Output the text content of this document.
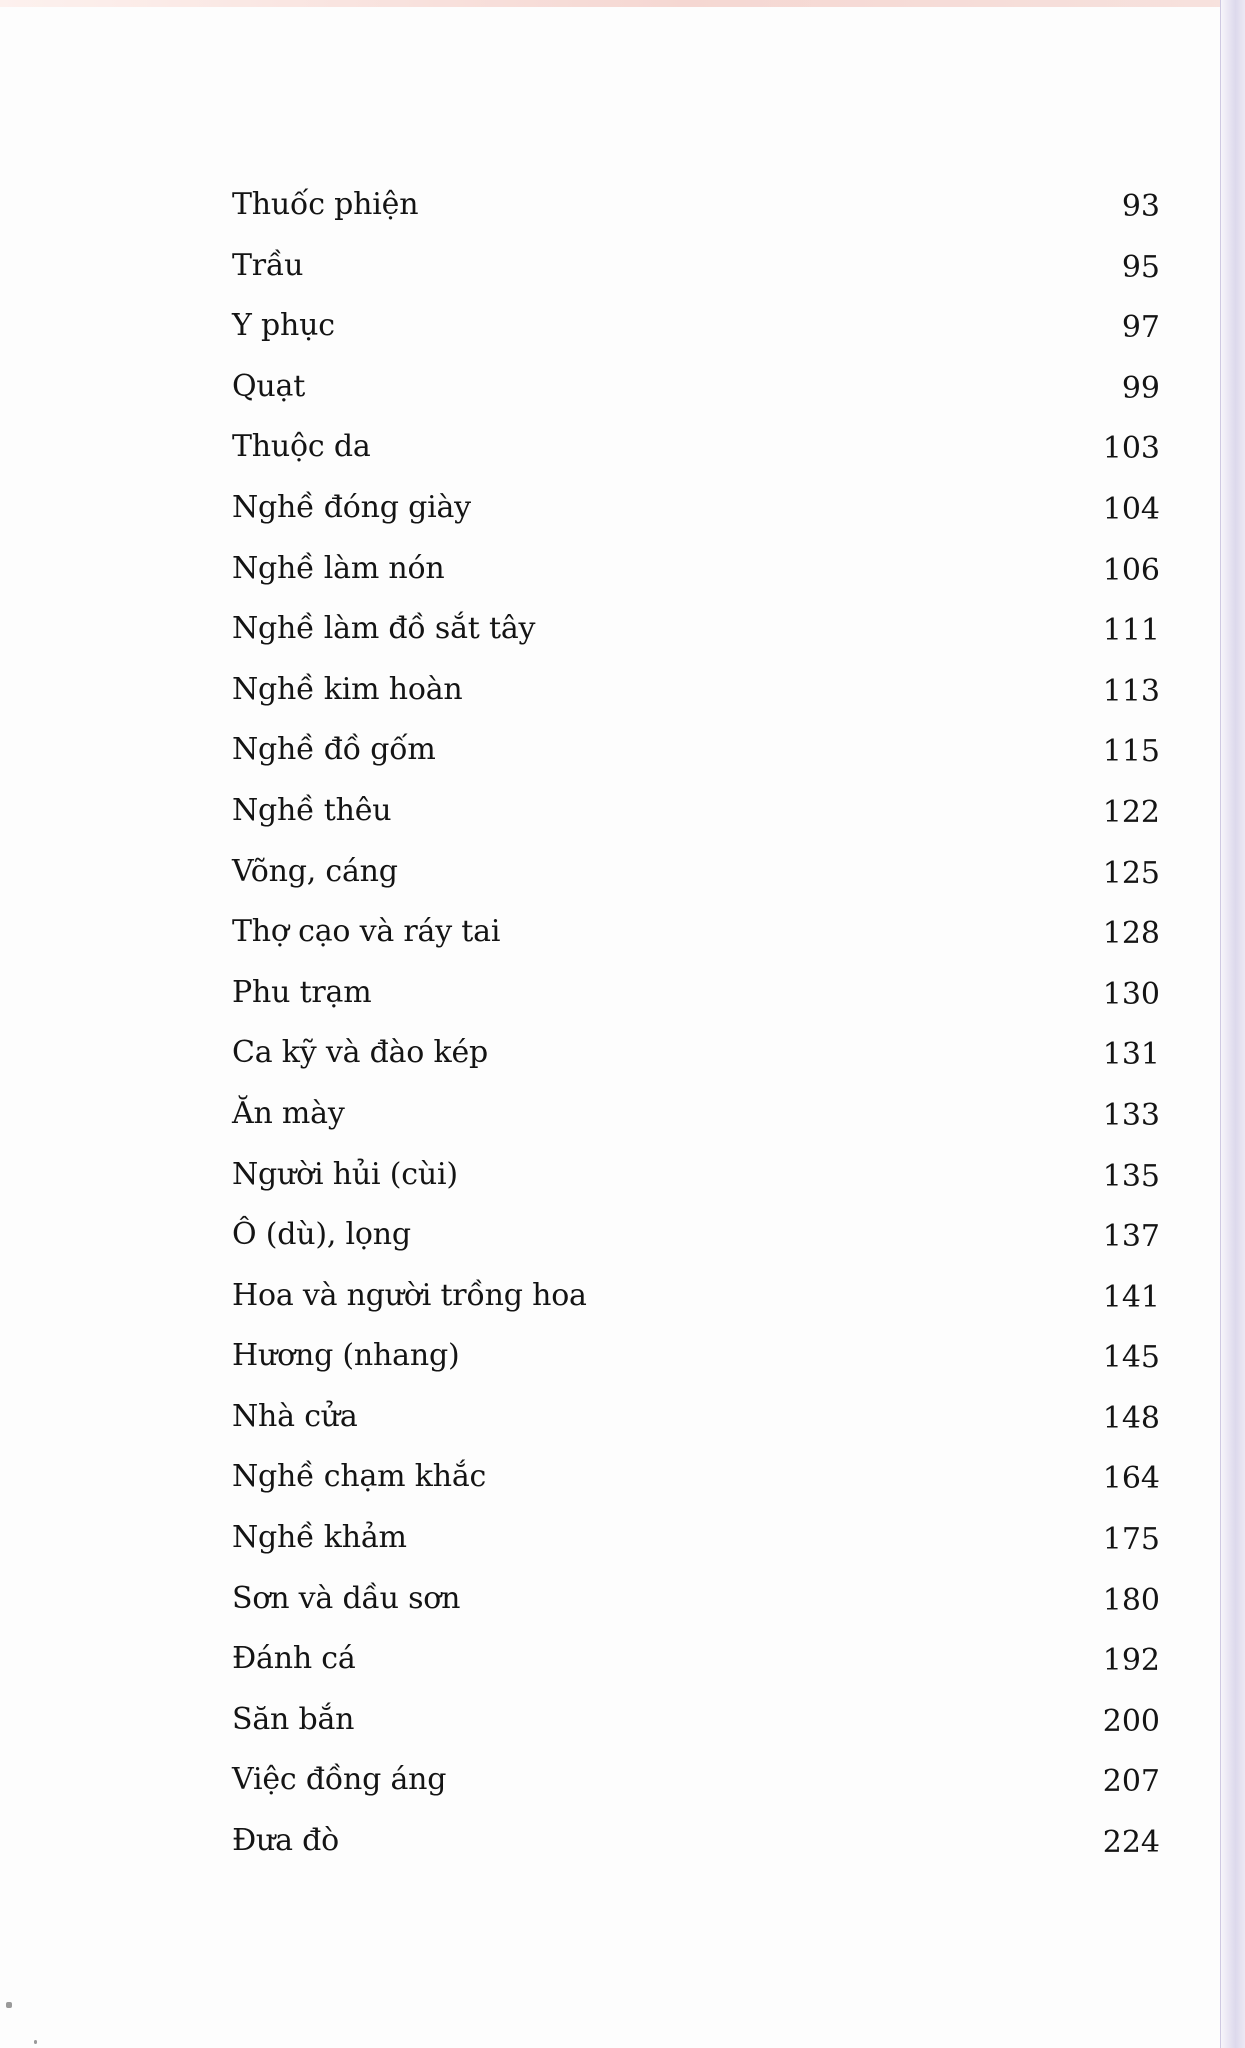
Thuốc phiện	93
Trầu	95
Y phục	97
Quạt	99
Thuộc da	103
Nghề đóng giày	104
Nghề làm nón	106
Nghề làm đồ sắt tây	111
Nghề kim hoàn	113
Nghề đồ gốm	115
Nghề thêu	122
Võng, cáng	125
Thợ cạo và ráy tai	128
Phu trạm	130
Ca kỹ và đào kép	131
Ăn mày	133
Người hủi (cùi)	135
Ô (dù), lọng	137
Hoa và người trồng hoa	141
Hương (nhang)	145
Nhà cửa	148
Nghề chạm khắc	164
Nghề khảm	175
Sơn và dầu sơn	180
Đánh cá	192
Săn bắn	200
Việc đồng áng	207
Đưa đò	224
